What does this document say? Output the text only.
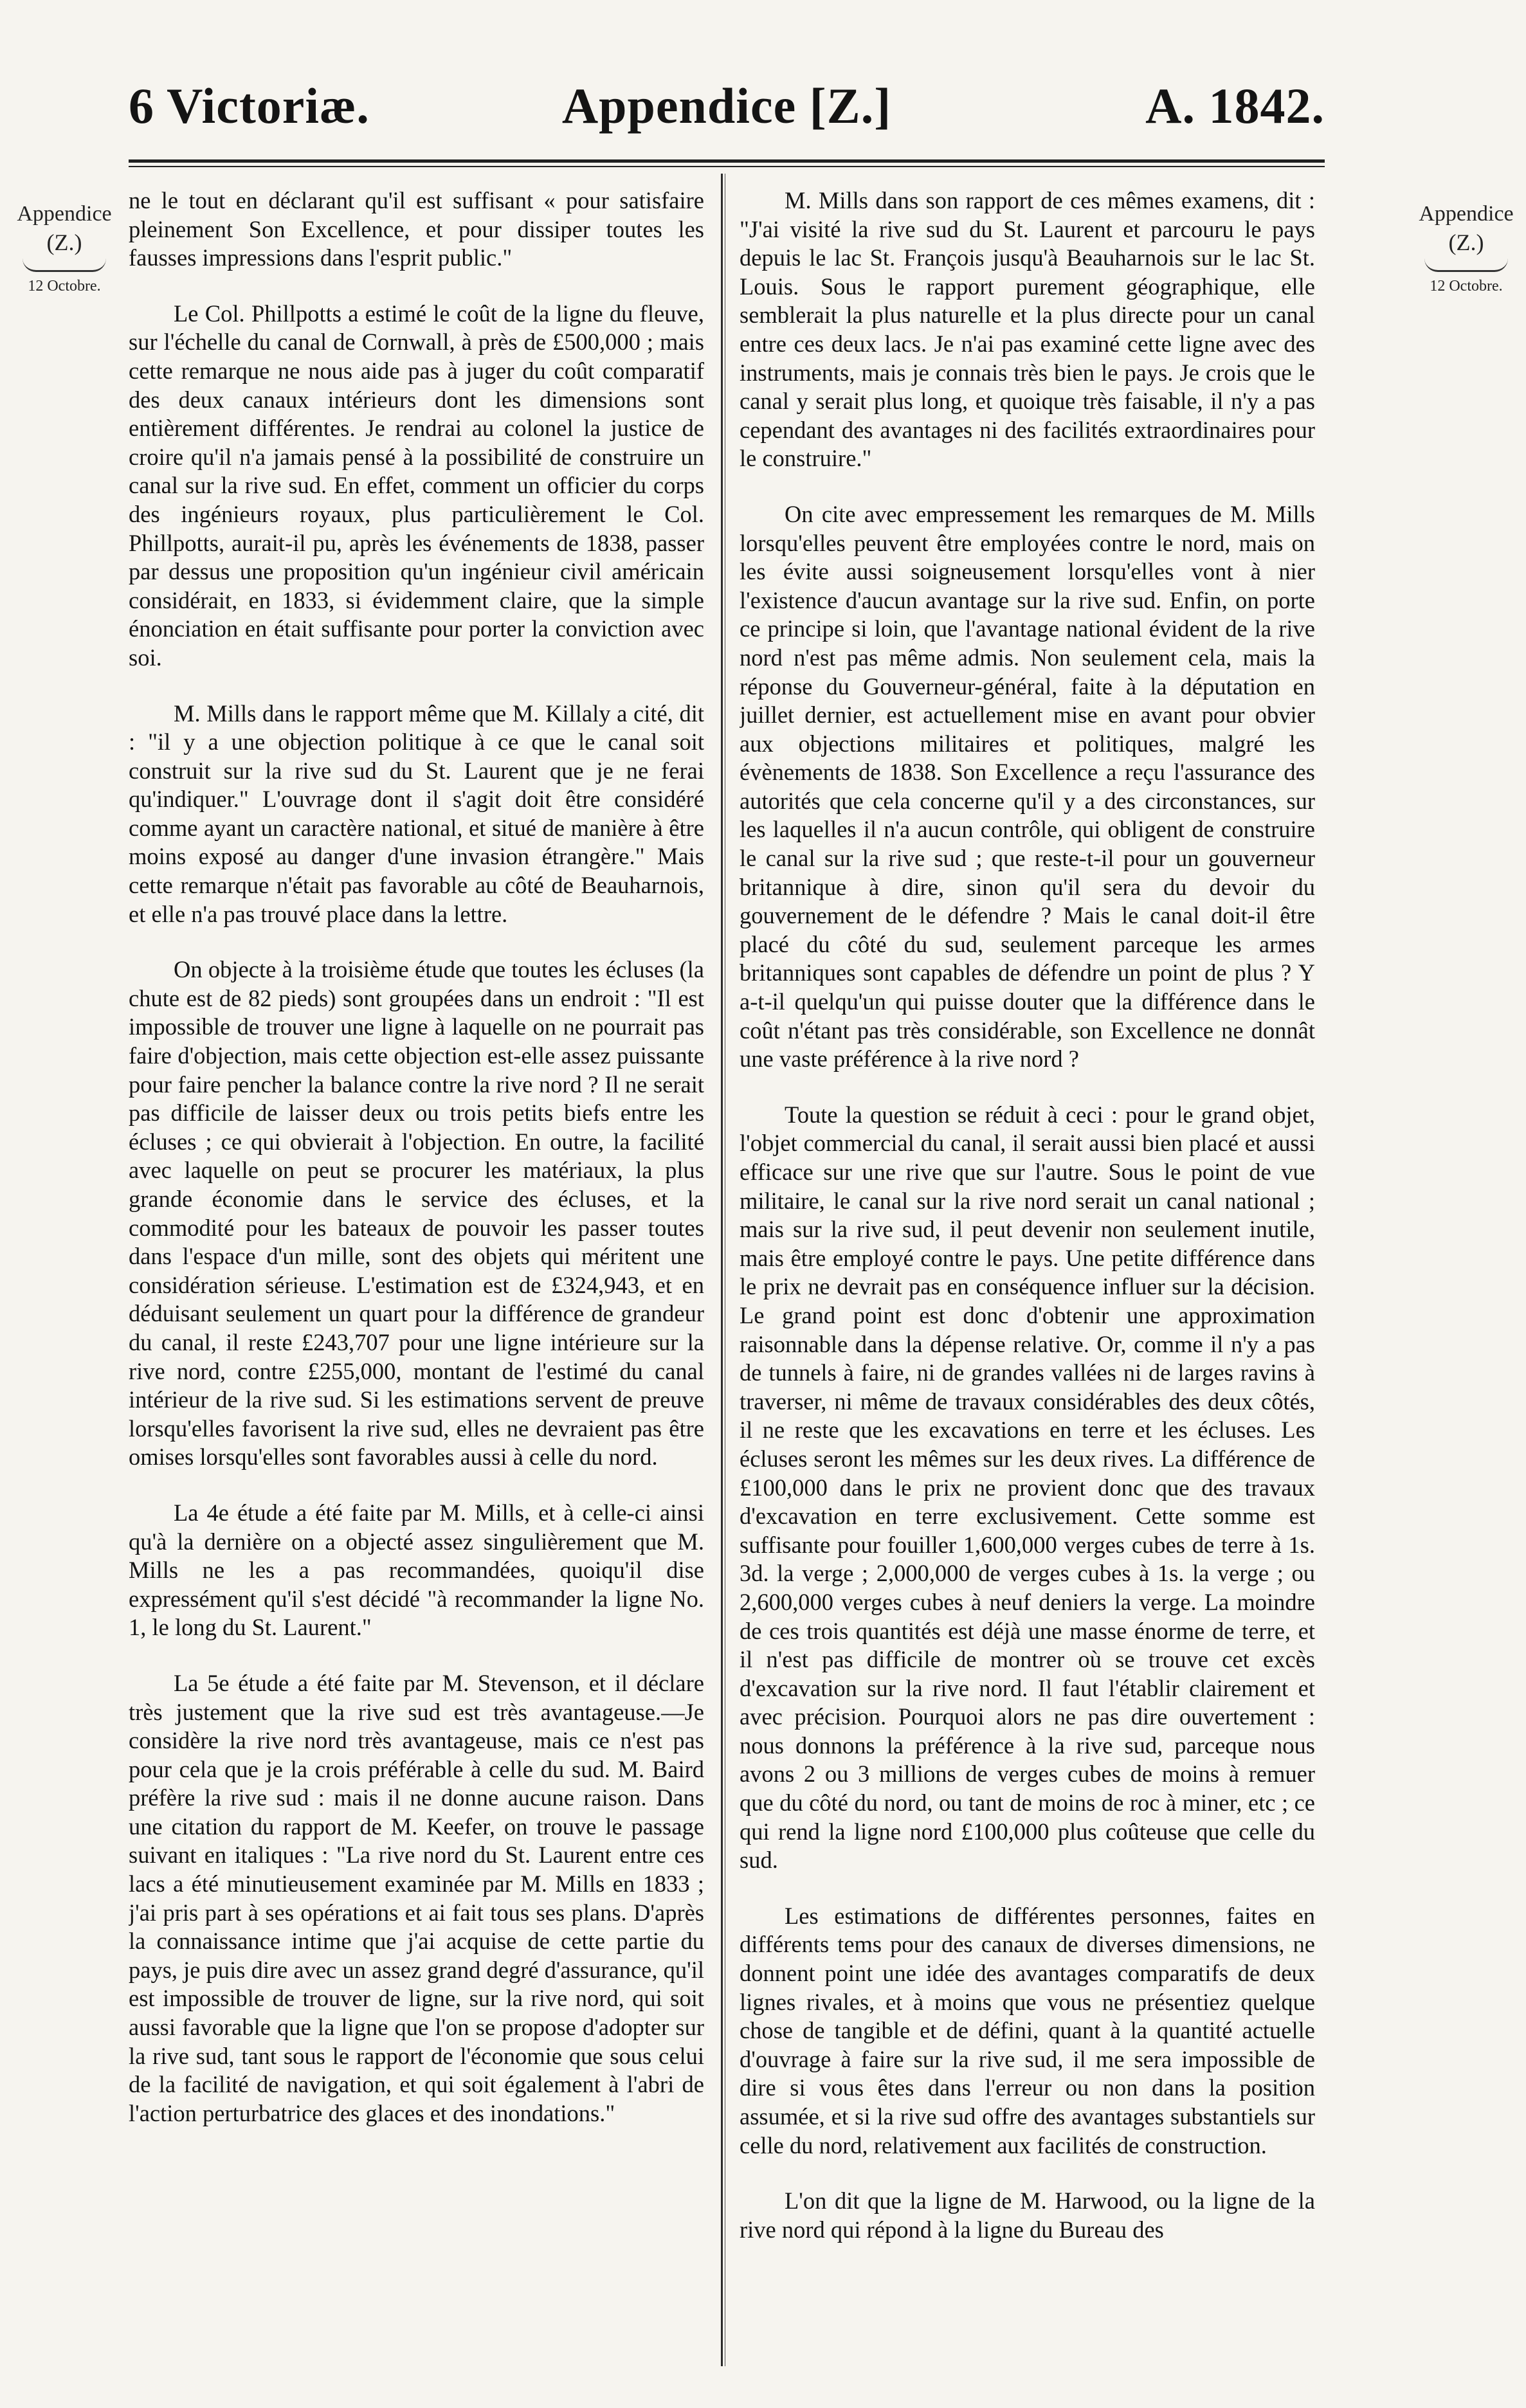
6 Victoriæ.	Appendice [Z.]	A. 1842.
Appendice
(Z.)
12 Octobre.
Appendice
(Z.)
12 Octobre.

ne le tout en déclarant qu'il est suffisant « pour satisfaire pleinement Son Excellence, et pour dissiper toutes les fausses impressions dans l'esprit public."

Le Col. Phillpotts a estimé le coût de la ligne du fleuve, sur l'échelle du canal de Cornwall, à près de £500,000 ; mais cette remarque ne nous aide pas à juger du coût comparatif des deux canaux intérieurs dont les dimensions sont entièrement différentes. Je rendrai au colonel la justice de croire qu'il n'a jamais pensé à la possibilité de construire un canal sur la rive sud. En effet, comment un officier du corps des ingénieurs royaux, plus particulièrement le Col. Phillpotts, aurait-il pu, après les événements de 1838, passer par dessus une proposition qu'un ingénieur civil américain considérait, en 1833, si évidemment claire, que la simple énonciation en était suffisante pour porter la conviction avec soi.

M. Mills dans le rapport même que M. Killaly a cité, dit : "il y a une objection politique à ce que le canal soit construit sur la rive sud du St. Laurent que je ne ferai qu'indiquer." L'ouvrage dont il s'agit doit être considéré comme ayant un caractère national, et situé de manière à être moins exposé au danger d'une invasion étrangère." Mais cette remarque n'était pas favorable au côté de Beauharnois, et elle n'a pas trouvé place dans la lettre.

On objecte à la troisième étude que toutes les écluses (la chute est de 82 pieds) sont groupées dans un endroit : "Il est impossible de trouver une ligne à laquelle on ne pourrait pas faire d'objection, mais cette objection est-elle assez puissante pour faire pencher la balance contre la rive nord ? Il ne serait pas difficile de laisser deux ou trois petits biefs entre les écluses ; ce qui obvierait à l'objection. En outre, la facilité avec laquelle on peut se procurer les matériaux, la plus grande économie dans le service des écluses, et la commodité pour les bateaux de pouvoir les passer toutes dans l'espace d'un mille, sont des objets qui méritent une considération sérieuse. L'estimation est de £324,943, et en déduisant seulement un quart pour la différence de grandeur du canal, il reste £243,707 pour une ligne intérieure sur la rive nord, contre £255,000, montant de l'estimé du canal intérieur de la rive sud. Si les estimations servent de preuve lorsqu'elles favorisent la rive sud, elles ne devraient pas être omises lorsqu'elles sont favorables aussi à celle du nord.

La 4e étude a été faite par M. Mills, et à celle-ci ainsi qu'à la dernière on a objecté assez singulièrement que M. Mills ne les a pas recommandées, quoiqu'il dise expressément qu'il s'est décidé "à recommander la ligne No. 1, le long du St. Laurent."

La 5e étude a été faite par M. Stevenson, et il déclare très justement que la rive sud est très avantageuse.—Je considère la rive nord très avantageuse, mais ce n'est pas pour cela que je la crois préférable à celle du sud. M. Baird préfère la rive sud : mais il ne donne aucune raison. Dans une citation du rapport de M. Keefer, on trouve le passage suivant en italiques : "La rive nord du St. Laurent entre ces lacs a été minutieusement examinée par M. Mills en 1833 ; j'ai pris part à ses opérations et ai fait tous ses plans. D'après la connaissance intime que j'ai acquise de cette partie du pays, je puis dire avec un assez grand degré d'assurance, qu'il est impossible de trouver de ligne, sur la rive nord, qui soit aussi favorable que la ligne que l'on se propose d'adopter sur la rive sud, tant sous le rapport de l'économie que sous celui de la facilité de navigation, et qui soit également à l'abri de l'action perturbatrice des glaces et des inondations."

M. Mills dans son rapport de ces mêmes examens, dit : "J'ai visité la rive sud du St. Laurent et parcouru le pays depuis le lac St. François jusqu'à Beauharnois sur le lac St. Louis. Sous le rapport purement géographique, elle semblerait la plus naturelle et la plus directe pour un canal entre ces deux lacs. Je n'ai pas examiné cette ligne avec des instruments, mais je connais très bien le pays. Je crois que le canal y serait plus long, et quoique très faisable, il n'y a pas cependant des avantages ni des facilités extraordinaires pour le construire."

On cite avec empressement les remarques de M. Mills lorsqu'elles peuvent être employées contre le nord, mais on les évite aussi soigneusement lorsqu'elles vont à nier l'existence d'aucun avantage sur la rive sud. Enfin, on porte ce principe si loin, que l'avantage national évident de la rive nord n'est pas même admis. Non seulement cela, mais la réponse du Gouverneur-général, faite à la députation en juillet dernier, est actuellement mise en avant pour obvier aux objections militaires et politiques, malgré les évènements de 1838. Son Excellence a reçu l'assurance des autorités que cela concerne qu'il y a des circonstances, sur les laquelles il n'a aucun contrôle, qui obligent de construire le canal sur la rive sud ; que reste-t-il pour un gouverneur britannique à dire, sinon qu'il sera du devoir du gouvernement de le défendre ? Mais le canal doit-il être placé du côté du sud, seulement parceque les armes britanniques sont capables de défendre un point de plus ? Y a-t-il quelqu'un qui puisse douter que la différence dans le coût n'étant pas très considérable, son Excellence ne donnât une vaste préférence à la rive nord ?

Toute la question se réduit à ceci : pour le grand objet, l'objet commercial du canal, il serait aussi bien placé et aussi efficace sur une rive que sur l'autre. Sous le point de vue militaire, le canal sur la rive nord serait un canal national ; mais sur la rive sud, il peut devenir non seulement inutile, mais être employé contre le pays. Une petite différence dans le prix ne devrait pas en conséquence influer sur la décision. Le grand point est donc d'obtenir une approximation raisonnable dans la dépense relative. Or, comme il n'y a pas de tunnels à faire, ni de grandes vallées ni de larges ravins à traverser, ni même de travaux considérables des deux côtés, il ne reste que les excavations en terre et les écluses. Les écluses seront les mêmes sur les deux rives. La différence de £100,000 dans le prix ne provient donc que des travaux d'excavation en terre exclusivement. Cette somme est suffisante pour fouiller 1,600,000 verges cubes de terre à 1s. 3d. la verge ; 2,000,000 de verges cubes à 1s. la verge ; ou 2,600,000 verges cubes à neuf deniers la verge. La moindre de ces trois quantités est déjà une masse énorme de terre, et il n'est pas difficile de montrer où se trouve cet excès d'excavation sur la rive nord. Il faut l'établir clairement et avec précision. Pourquoi alors ne pas dire ouvertement : nous donnons la préférence à la rive sud, parceque nous avons 2 ou 3 millions de verges cubes de moins à remuer que du côté du nord, ou tant de moins de roc à miner, etc ; ce qui rend la ligne nord £100,000 plus coûteuse que celle du sud.

Les estimations de différentes personnes, faites en différents tems pour des canaux de diverses dimensions, ne donnent point une idée des avantages comparatifs de deux lignes rivales, et à moins que vous ne présentiez quelque chose de tangible et de défini, quant à la quantité actuelle d'ouvrage à faire sur la rive sud, il me sera impossible de dire si vous êtes dans l'erreur ou non dans la position assumée, et si la rive sud offre des avantages substantiels sur celle du nord, relativement aux facilités de construction.

L'on dit que la ligne de M. Harwood, ou la ligne de la rive nord qui répond à la ligne du Bureau des
